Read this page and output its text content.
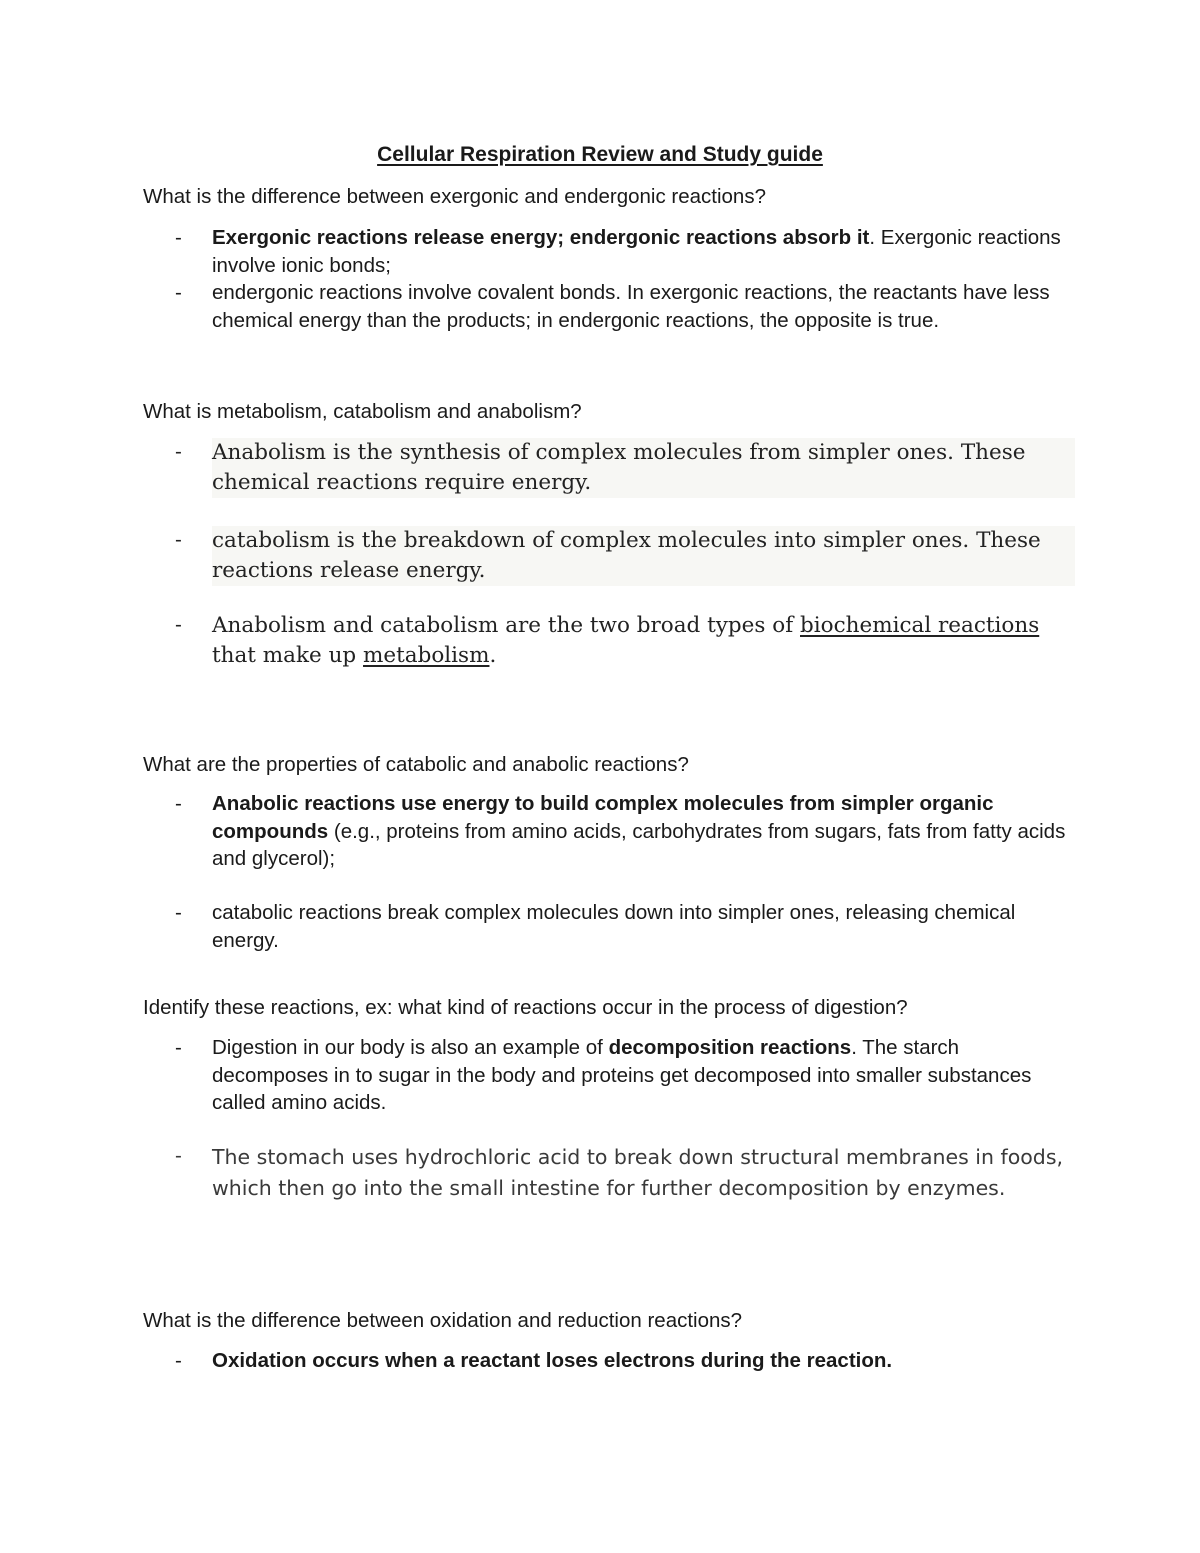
Cellular Respiration Review and Study guide
What is the difference between exergonic and endergonic reactions?
-	Exergonic reactions release energy; endergonic reactions absorb it. Exergonic reactions involve ionic bonds;
-	endergonic reactions involve covalent bonds. In exergonic reactions, the reactants have less chemical energy than the products; in endergonic reactions, the opposite is true.
What is metabolism, catabolism and anabolism?
-	Anabolism is the synthesis of complex molecules from simpler ones. These chemical reactions require energy.
-	catabolism is the breakdown of complex molecules into simpler ones. These reactions release energy.
-	Anabolism and catabolism are the two broad types of biochemical reactions that make up metabolism.
What are the properties of catabolic and anabolic reactions?
-	Anabolic reactions use energy to build complex molecules from simpler organic compounds (e.g., proteins from amino acids, carbohydrates from sugars, fats from fatty acids and glycerol);
-	catabolic reactions break complex molecules down into simpler ones, releasing chemical energy.
Identify these reactions, ex: what kind of reactions occur in the process of digestion?
-	Digestion in our body is also an example of decomposition reactions. The starch decomposes in to sugar in the body and proteins get decomposed into smaller substances called amino acids.
-	The stomach uses hydrochloric acid to break down structural membranes in foods, which then go into the small intestine for further decomposition by enzymes.
What is the difference between oxidation and reduction reactions?
-	Oxidation occurs when a reactant loses electrons during the reaction.
